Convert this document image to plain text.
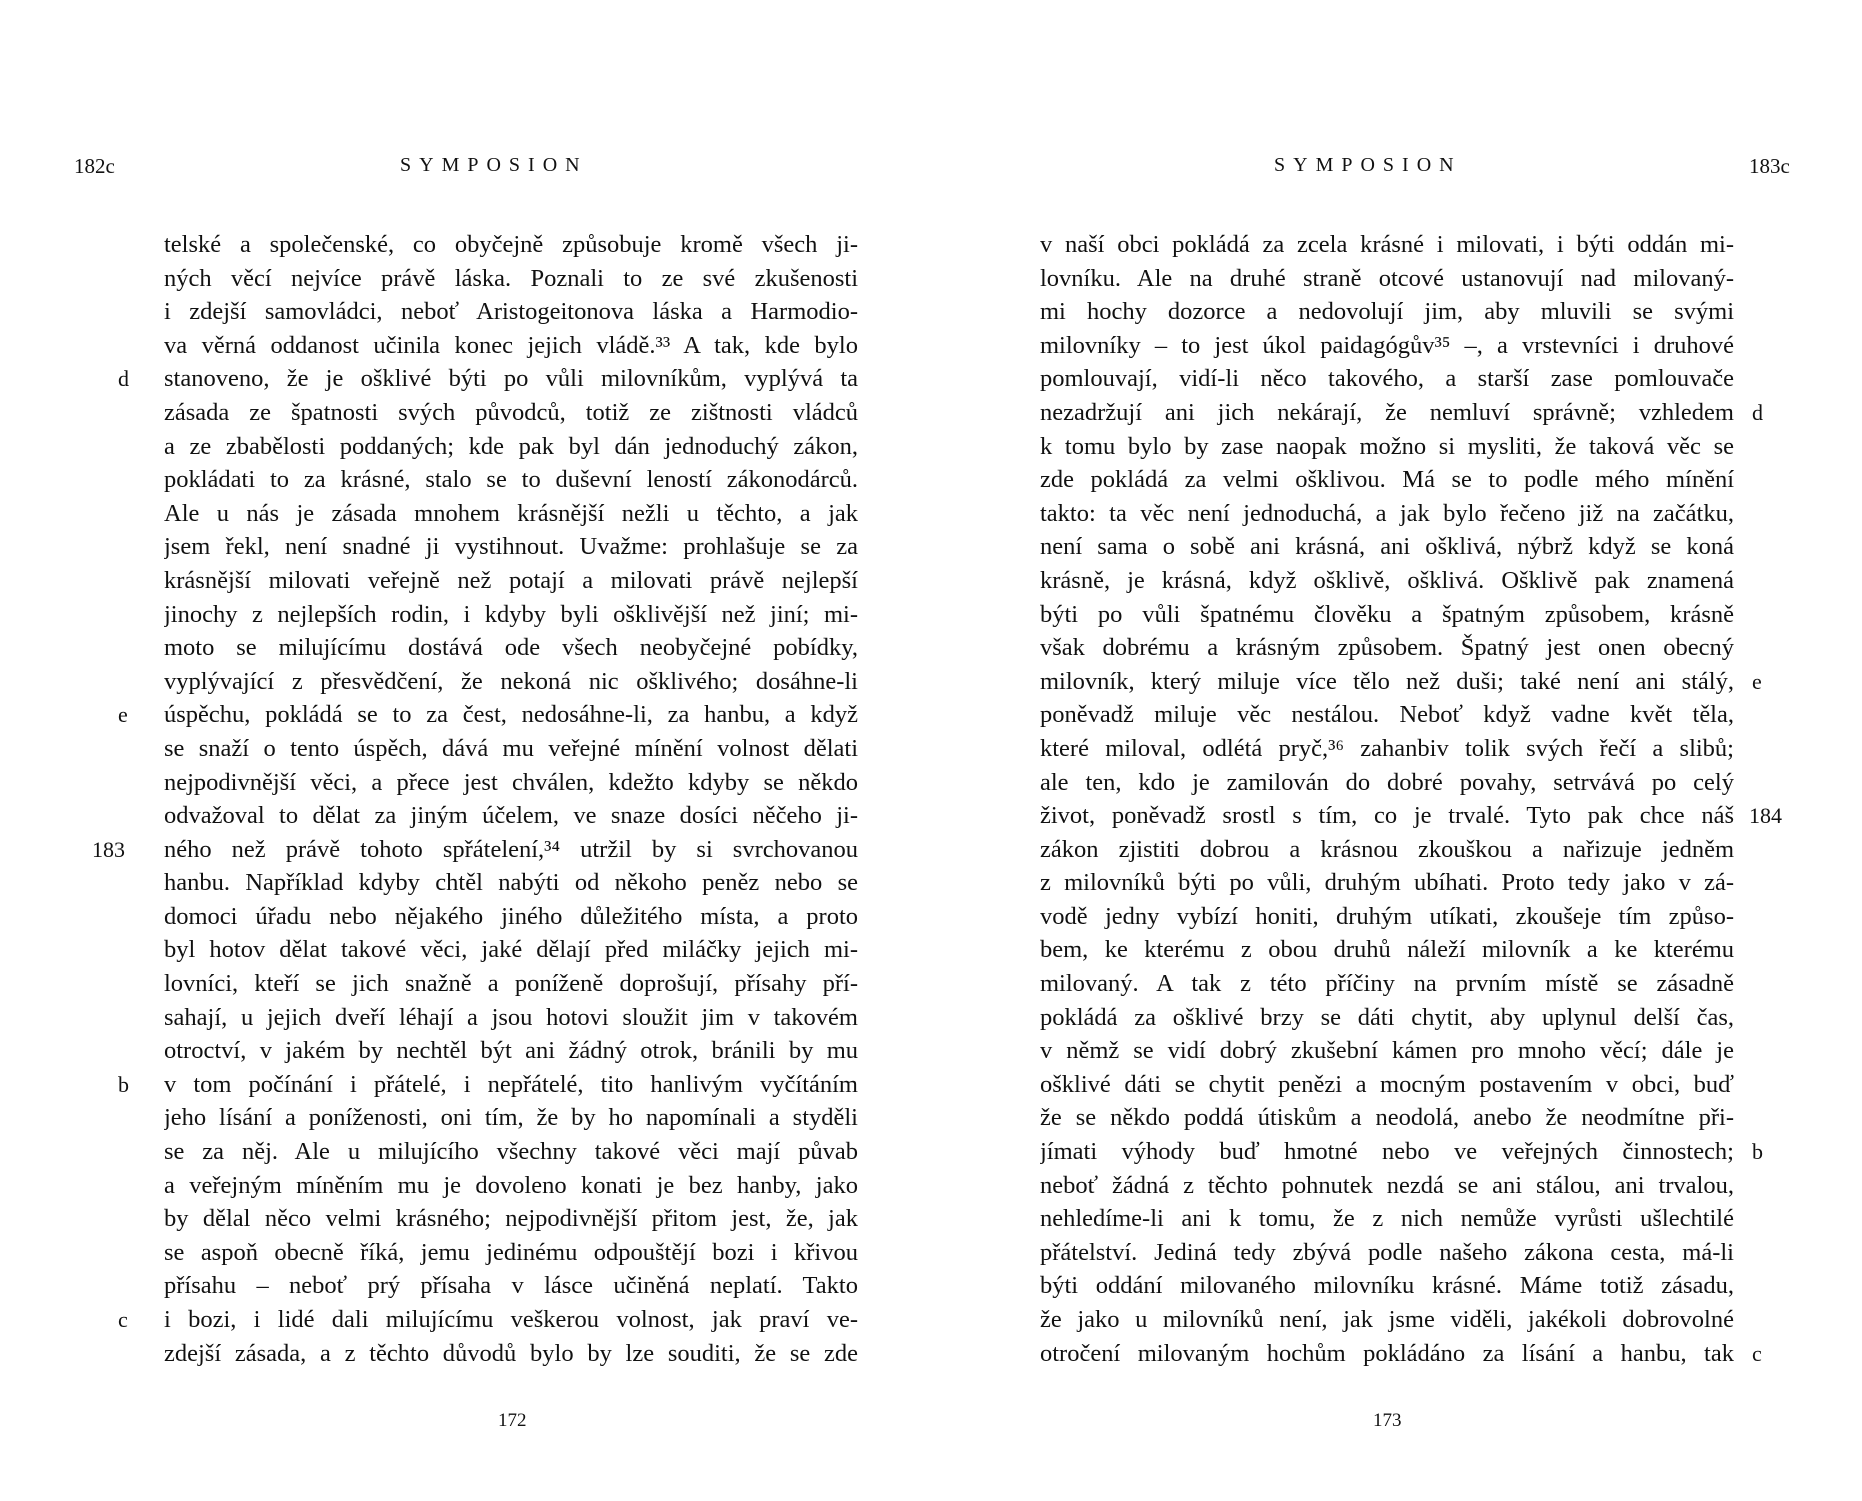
182c	SYMPOSION
d
e
183
b
c
telské a společenské, co obyčejně způsobuje kromě všech ji-
ných věcí nejvíce právě láska. Poznali to ze své zkušenosti
i zdejší samovládci, neboť Aristogeitonova láska a Harmodio-
va věrná oddanost učinila konec jejich vládě.³³ A tak, kde bylo
stanoveno, že je ošklivé býti po vůli milovníkům, vyplývá ta
zásada ze špatnosti svých původců, totiž ze zištnosti vládců
a ze zbabělosti poddaných; kde pak byl dán jednoduchý zákon,
pokládati to za krásné, stalo se to duševní leností zákonodárců.
Ale u nás je zásada mnohem krásnější nežli u těchto, a jak
jsem řekl, není snadné ji vystihnout. Uvažme: prohlašuje se za
krásnější milovati veřejně než potají a milovati právě nejlepší
jinochy z nejlepších rodin, i kdyby byli ošklivější než jiní; mi-
moto se milujícímu dostává ode všech neobyčejné pobídky,
vyplývající z přesvědčení, že nekoná nic ošklivého; dosáhne-li
úspěchu, pokládá se to za čest, nedosáhne-li, za hanbu, a když
se snaží o tento úspěch, dává mu veřejné mínění volnost dělati
nejpodivnější věci, a přece jest chválen, kdežto kdyby se někdo
odvažoval to dělat za jiným účelem, ve snaze dosíci něčeho ji-
ného než právě tohoto spřátelení,³⁴ utržil by si svrchovanou
hanbu. Například kdyby chtěl nabýti od někoho peněz nebo se
domoci úřadu nebo nějakého jiného důležitého místa, a proto
byl hotov dělat takové věci, jaké dělají před miláčky jejich mi-
lovníci, kteří se jich snažně a poníženě doprošují, přísahy pří-
sahají, u jejich dveří léhají a jsou hotovi sloužit jim v takovém
otroctví, v jakém by nechtěl být ani žádný otrok, bránili by mu
v tom počínání i přátelé, i nepřátelé, tito hanlivým vyčítáním
jeho lísání a poníženosti, oni tím, že by ho napomínali a styděli
se za něj. Ale u milujícího všechny takové věci mají půvab
a veřejným míněním mu je dovoleno konati je bez hanby, jako
by dělal něco velmi krásného; nejpodivnější přitom jest, že, jak
se aspoň obecně říká, jemu jedinému odpouštějí bozi i křivou
přísahu – neboť prý přísaha v lásce učiněná neplatí. Takto
i bozi, i lidé dali milujícímu veškerou volnost, jak praví ve-
zdejší zásada, a z těchto důvodů bylo by lze souditi, že se zde
172
SYMPOSION	183c
d
e
184
b
c
v naší obci pokládá za zcela krásné i milovati, i býti oddán mi-
lovníku. Ale na druhé straně otcové ustanovují nad milovaný-
mi hochy dozorce a nedovolují jim, aby mluvili se svými
milovníky – to jest úkol paidagógův³⁵ –, a vrstevníci i druhové
pomlouvají, vidí-li něco takového, a starší zase pomlouvače
nezadržují ani jich nekárají, že nemluví správně; vzhledem
k tomu bylo by zase naopak možno si mysliti, že taková věc se
zde pokládá za velmi ošklivou. Má se to podle mého mínění
takto: ta věc není jednoduchá, a jak bylo řečeno již na začátku,
není sama o sobě ani krásná, ani ošklivá, nýbrž když se koná
krásně, je krásná, když ošklivě, ošklivá. Ošklivě pak znamená
býti po vůli špatnému člověku a špatným způsobem, krásně
však dobrému a krásným způsobem. Špatný jest onen obecný
milovník, který miluje více tělo než duši; také není ani stálý,
poněvadž miluje věc nestálou. Neboť když vadne květ těla,
které miloval, odlétá pryč,³⁶ zahanbiv tolik svých řečí a slibů;
ale ten, kdo je zamilován do dobré povahy, setrvává po celý
život, poněvadž srostl s tím, co je trvalé. Tyto pak chce náš
zákon zjistiti dobrou a krásnou zkouškou a nařizuje jedněm
z milovníků býti po vůli, druhým ubíhati. Proto tedy jako v zá-
vodě jedny vybízí honiti, druhým utíkati, zkoušeje tím způso-
bem, ke kterému z obou druhů náleží milovník a ke kterému
milovaný. A tak z této příčiny na prvním místě se zásadně
pokládá za ošklivé brzy se dáti chytit, aby uplynul delší čas,
v němž se vidí dobrý zkušební kámen pro mnoho věcí; dále je
ošklivé dáti se chytit penězi a mocným postavením v obci, buď
že se někdo poddá útiskům a neodolá, anebo že neodmítne při-
jímati výhody buď hmotné nebo ve veřejných činnostech;
neboť žádná z těchto pohnutek nezdá se ani stálou, ani trvalou,
nehledíme-li ani k tomu, že z nich nemůže vyrůsti ušlechtilé
přátelství. Jediná tedy zbývá podle našeho zákona cesta, má-li
býti oddání milovaného milovníku krásné. Máme totiž zásadu,
že jako u milovníků není, jak jsme viděli, jakékoli dobrovolné
otročení milovaným hochům pokládáno za lísání a hanbu, tak
173
